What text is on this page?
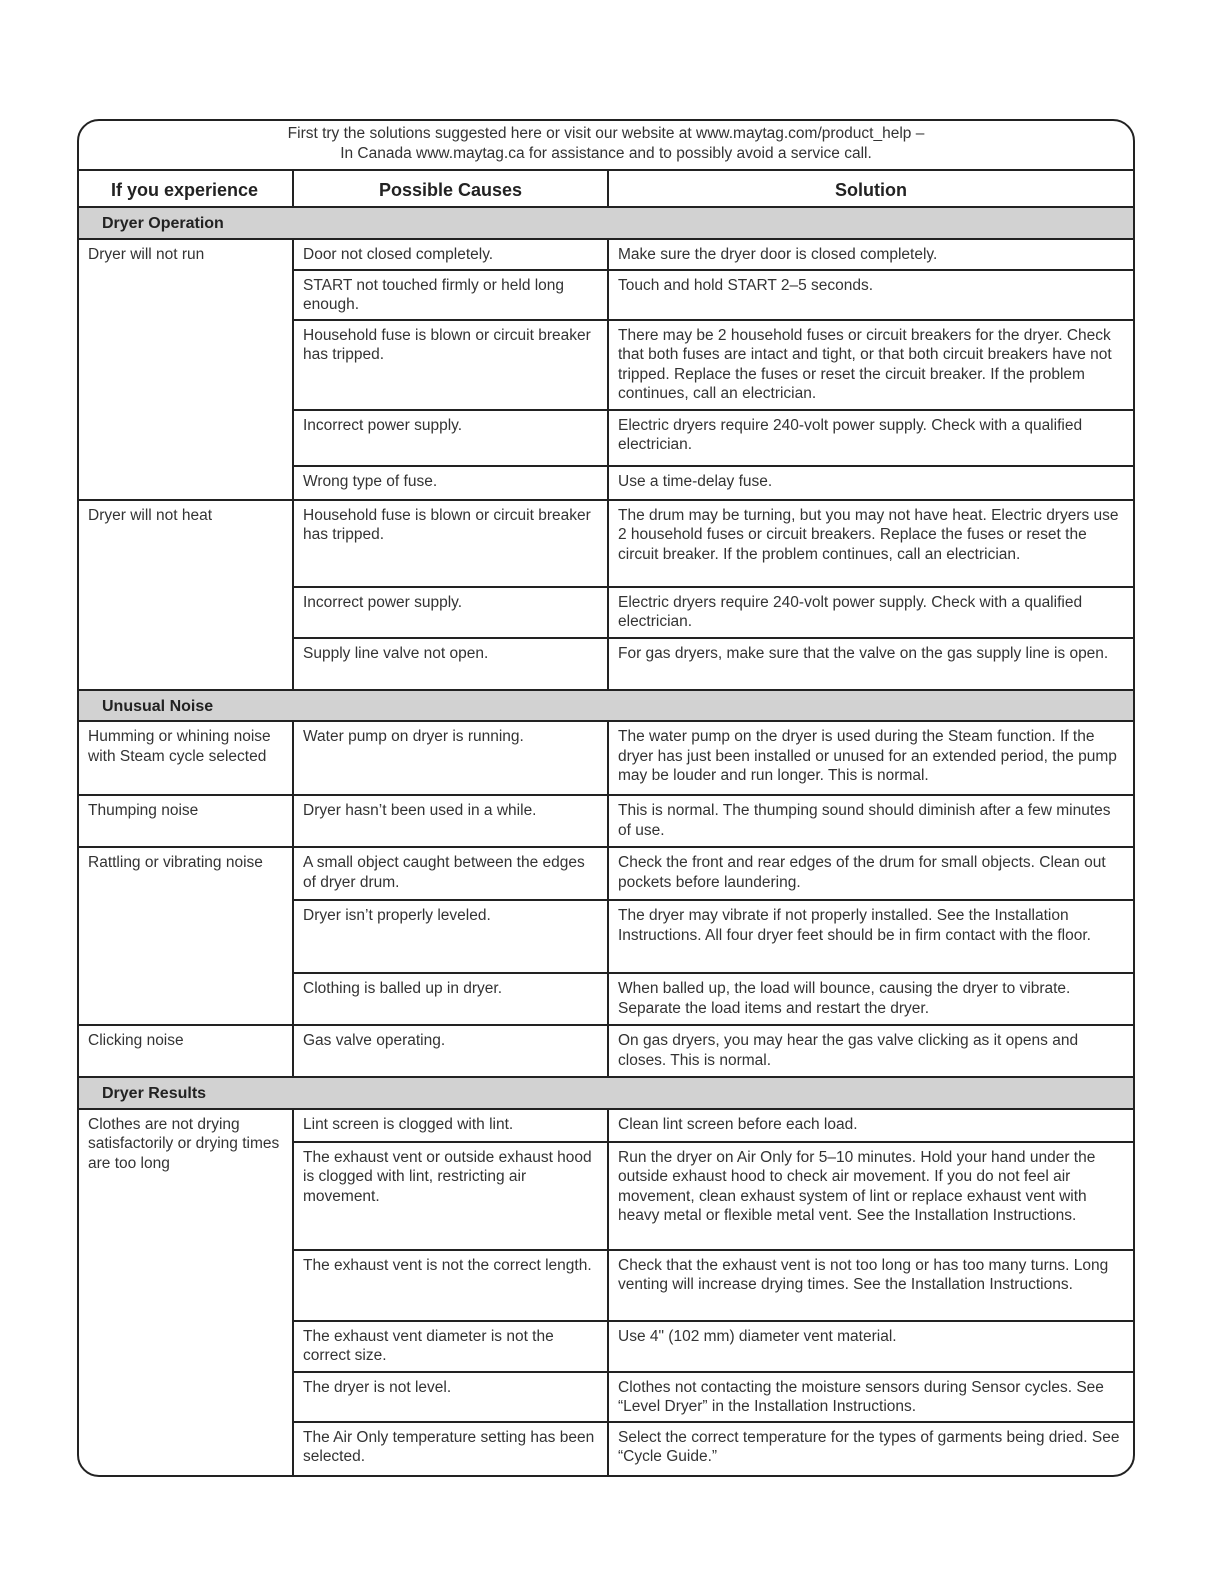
First try the solutions suggested here or visit our website at www.maytag.com/product_help –
In Canada www.maytag.ca for assistance and to possibly avoid a service call.
If you experience	Possible Causes	Solution
Dryer Operation		
Dryer will not run	Door not closed completely.	Make sure the dryer door is closed completely.
	START not touched firmly or held long enough.	Touch and hold START 2–5 seconds.
	Household fuse is blown or circuit breaker has tripped.	There may be 2 household fuses or circuit breakers for the dryer. Check that both fuses are intact and tight, or that both circuit breakers have not tripped. Replace the fuses or reset the circuit breaker. If the problem continues, call an electrician.
	Incorrect power supply.	Electric dryers require 240-volt power supply. Check with a qualified electrician.
	Wrong type of fuse.	Use a time-delay fuse.
Dryer will not heat	Household fuse is blown or circuit breaker has tripped.	The drum may be turning, but you may not have heat. Electric dryers use 2 household fuses or circuit breakers. Replace the fuses or reset the circuit breaker. If the problem continues, call an electrician.
	Incorrect power supply.	Electric dryers require 240-volt power supply. Check with a qualified electrician.
	Supply line valve not open.	For gas dryers, make sure that the valve on the gas supply line is open.
Unusual Noise		
Humming or whining noise with Steam cycle selected	Water pump on dryer is running.	The water pump on the dryer is used during the Steam function. If the dryer has just been installed or unused for an extended period, the pump may be louder and run longer. This is normal.
Thumping noise	Dryer hasn’t been used in a while.	This is normal. The thumping sound should diminish after a few minutes of use.
Rattling or vibrating noise	A small object caught between the edges of dryer drum.	Check the front and rear edges of the drum for small objects. Clean out pockets before laundering.
	Dryer isn’t properly leveled.	The dryer may vibrate if not properly installed. See the Installation Instructions. All four dryer feet should be in firm contact with the floor.
	Clothing is balled up in dryer.	When balled up, the load will bounce, causing the dryer to vibrate. Separate the load items and restart the dryer.
Clicking noise	Gas valve operating.	On gas dryers, you may hear the gas valve clicking as it opens and closes. This is normal.
Dryer Results		
Clothes are not drying satisfactorily or drying times are too long	Lint screen is clogged with lint.	Clean lint screen before each load.
	The exhaust vent or outside exhaust hood is clogged with lint, restricting air movement.	Run the dryer on Air Only for 5–10 minutes. Hold your hand under the outside exhaust hood to check air movement. If you do not feel air movement, clean exhaust system of lint or replace exhaust vent with heavy metal or flexible metal vent. See the Installation Instructions.
	The exhaust vent is not the correct length.	Check that the exhaust vent is not too long or has too many turns. Long venting will increase drying times. See the Installation Instructions.
	The exhaust vent diameter is not the correct size.	Use 4" (102 mm) diameter vent material.
	The dryer is not level.	Clothes not contacting the moisture sensors during Sensor cycles. See “Level Dryer” in the Installation Instructions.
	The Air Only temperature setting has been selected.	Select the correct temperature for the types of garments being dried. See “Cycle Guide.”
